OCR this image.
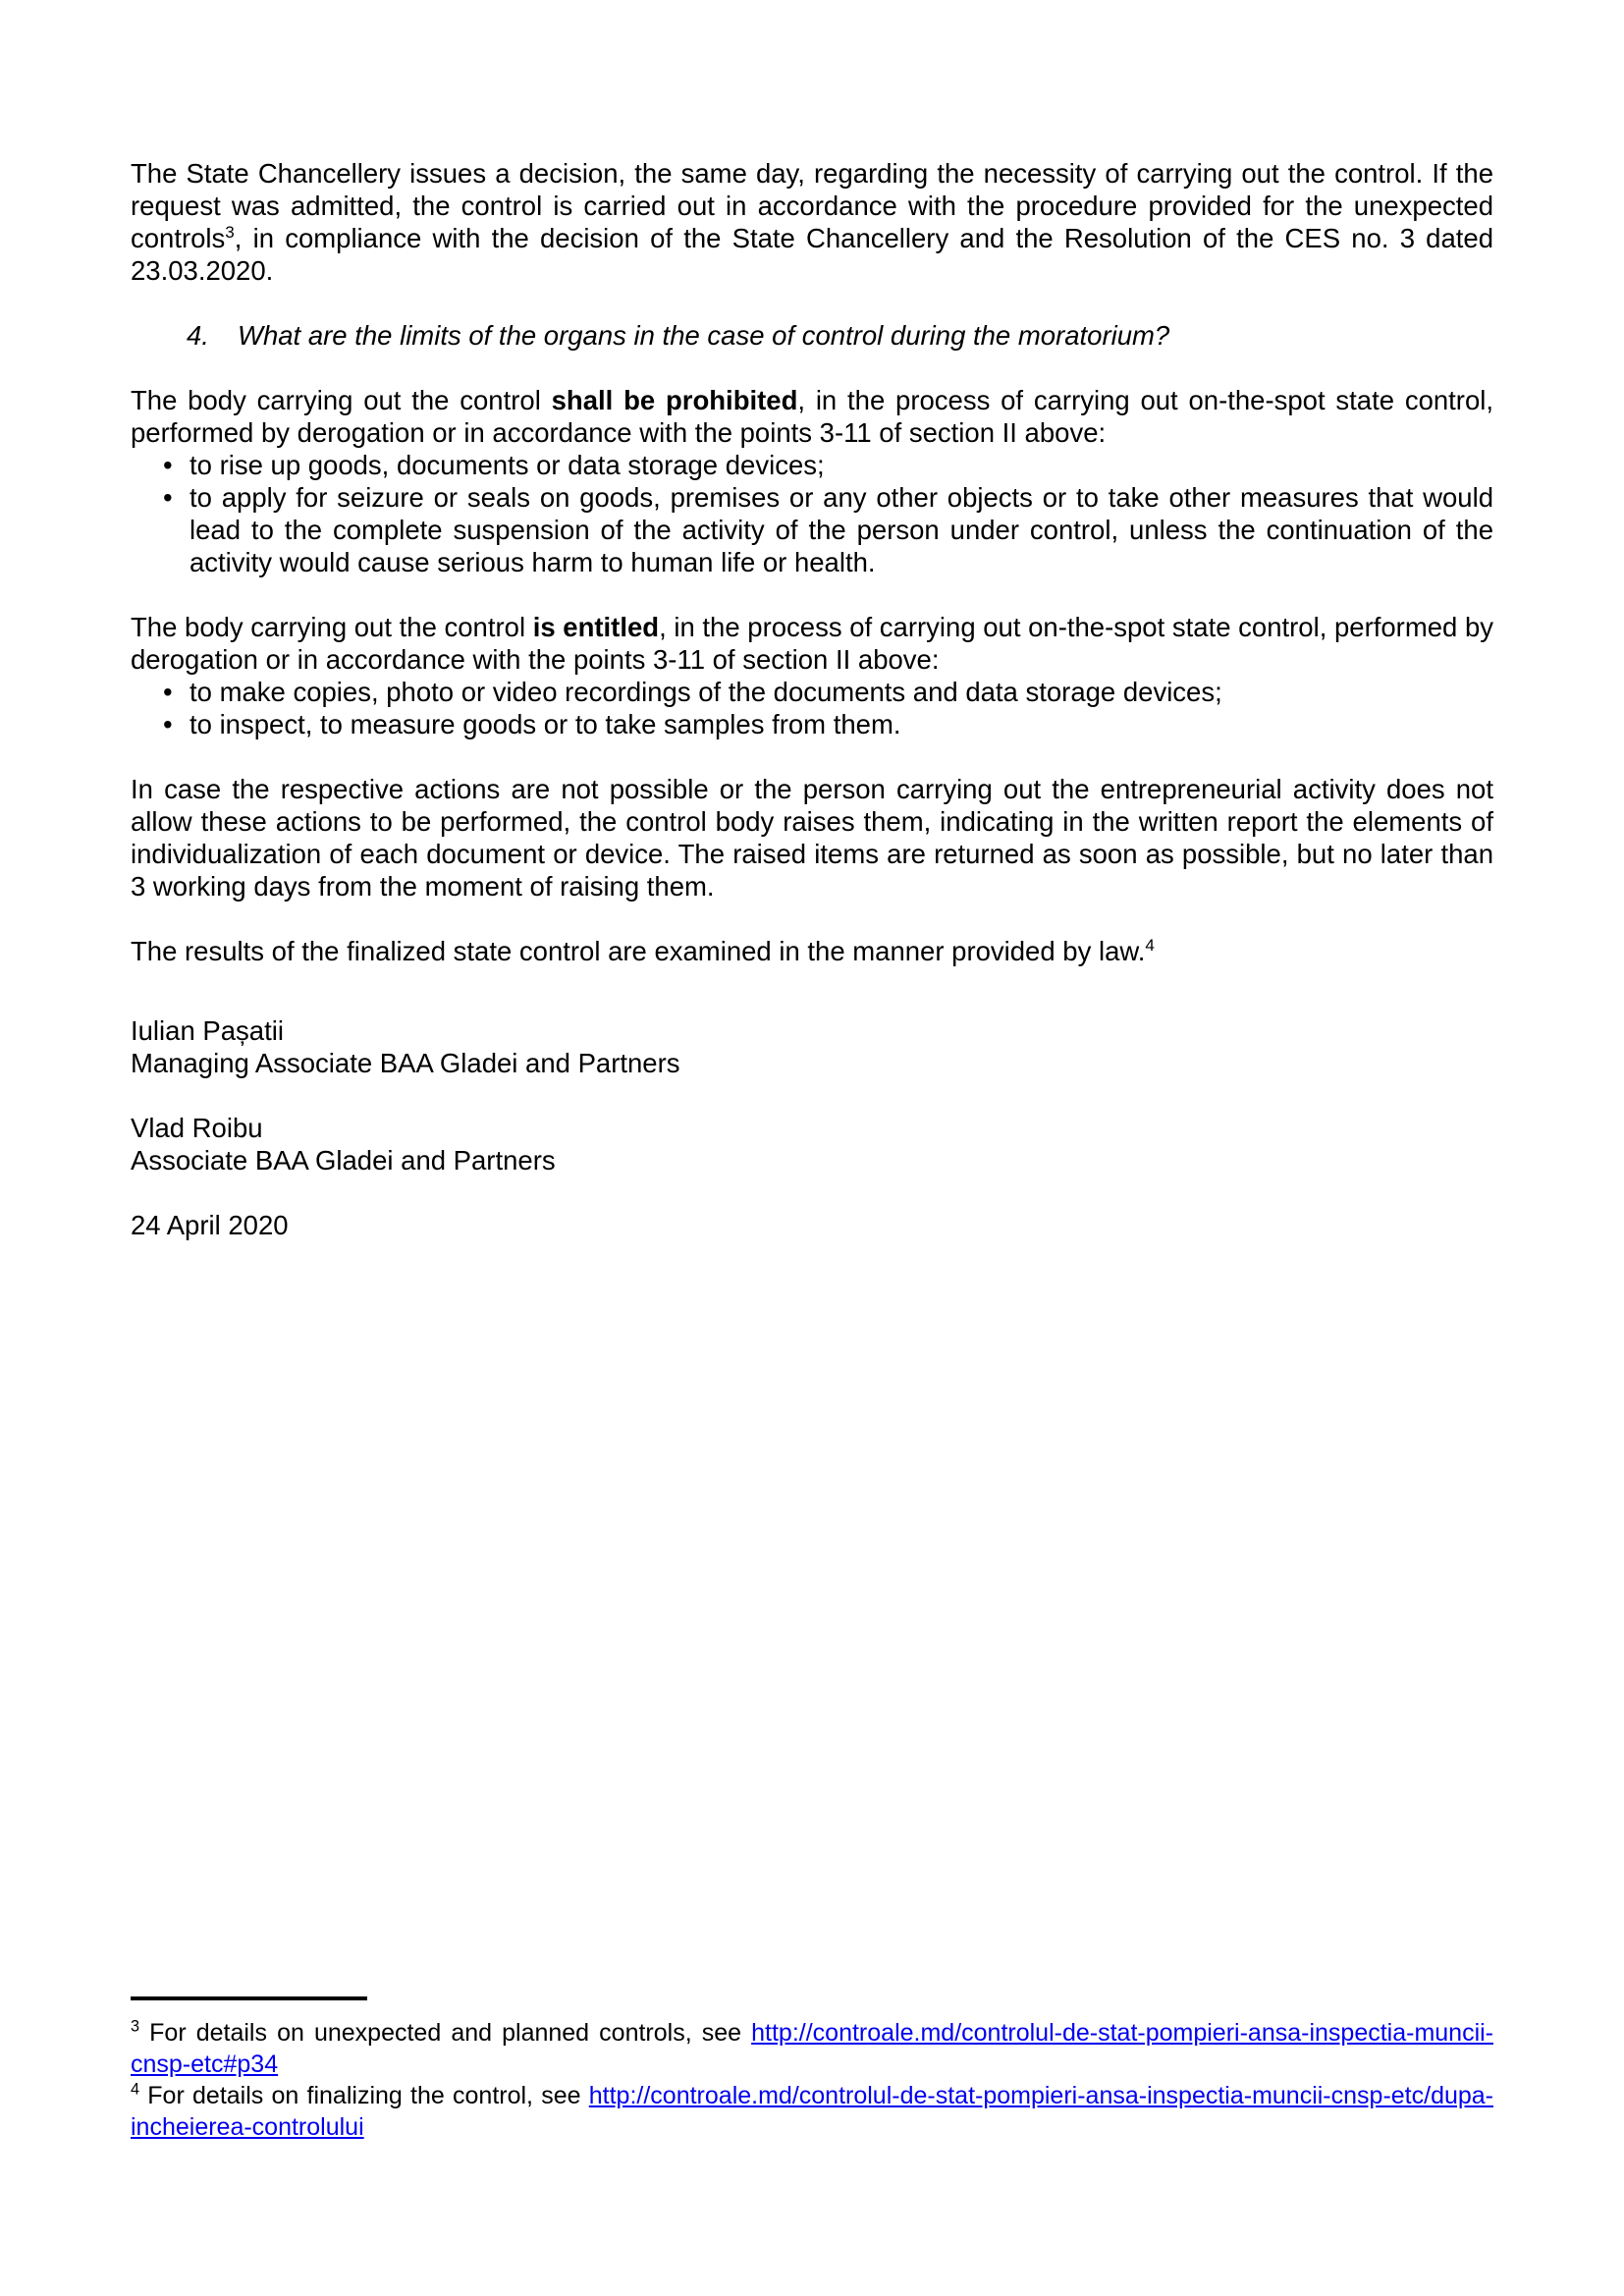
The State Chancellery issues a decision, the same day, regarding the necessity of carrying out the control. If the request was admitted, the control is carried out in accordance with the procedure provided for the unexpected controls$^3$, in compliance with the decision of the State Chancellery and the Resolution of the CES no. 3 dated 23.03.2020.

4.	What are the limits of the organs in the case of control during the moratorium?

The body carrying out the control shall be prohibited, in the process of carrying out on-the-spot state control, performed by derogation or in accordance with the points 3-11 of section II above:

• to rise up goods, documents or data storage devices;
• to apply for seizure or seals on goods, premises or any other objects or to take other measures that would lead to the complete suspension of the activity of the person under control, unless the continuation of the activity would cause serious harm to human life or health.

The body carrying out the control is entitled, in the process of carrying out on-the-spot state control, performed by derogation or in accordance with the points 3-11 of section II above:

• to make copies, photo or video recordings of the documents and data storage devices;
• to inspect, to measure goods or to take samples from them.

In case the respective actions are not possible or the person carrying out the entrepreneurial activity does not allow these actions to be performed, the control body raises them, indicating in the written report the elements of individualization of each document or device. The raised items are returned as soon as possible, but no later than 3 working days from the moment of raising them.

The results of the finalized state control are examined in the manner provided by law.$^4$

Iulian Pașatii
Managing Associate BAA Gladei and Partners
Vlad Roibu
Associate BAA Gladei and Partners
24 April 2020

$^3$ For details on unexpected and planned controls, see http://controale.md/controlul-de-stat-pompieri-ansa-inspectia-muncii-cnsp-etc#p34

$^4$ For details on finalizing the control, see http://controale.md/controlul-de-stat-pompieri-ansa-inspectia-muncii-cnsp-etc/dupa-incheierea-controlului
